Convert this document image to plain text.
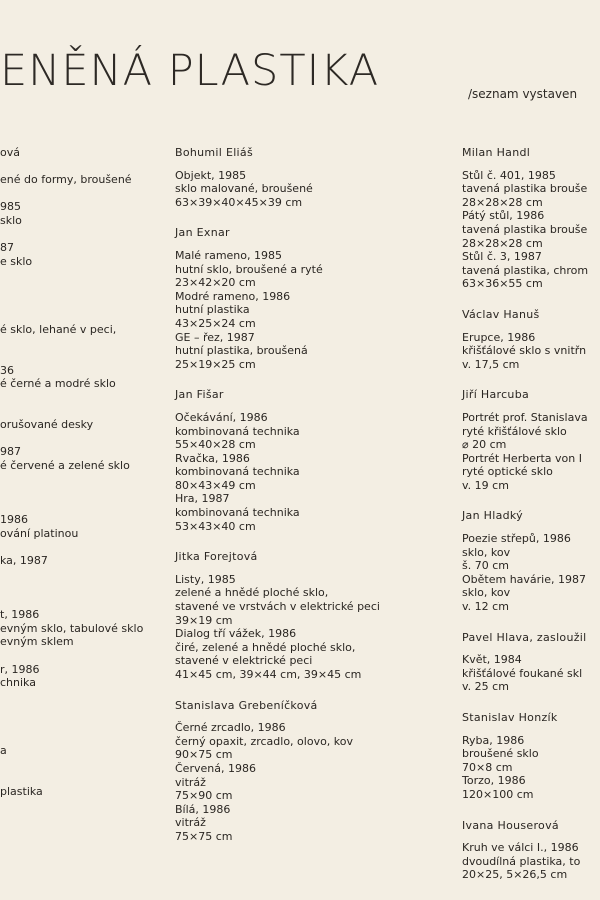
ENĚNÁ PLASTIKA	/seznam vystaven
ová
ené do formy, broušené
985
sklo
87
e sklo
é sklo, lehané v peci,
36
é černé a modré sklo
orušované desky
987
é červené a zelené sklo
1986
ování platinou
ka, 1987
t, 1986
evným sklo, tabulové sklo
evným sklem
r, 1986
chnika
a
plastika
Bohumil Eliáš
Objekt, 1985
sklo malované, broušené
63×39×40×45×39 cm
Jan Exnar
Malé rameno, 1985
hutní sklo, broušené a ryté
23×42×20 cm
Modré rameno, 1986
hutní plastika
43×25×24 cm
GE – řez, 1987
hutní plastika, broušená
25×19×25 cm
Jan Fišar
Očekávání, 1986
kombinovaná technika
55×40×28 cm
Rvačka, 1986
kombinovaná technika
80×43×49 cm
Hra, 1987
kombinovaná technika
53×43×40 cm
Jitka Forejtová
Listy, 1985
zelené a hnědé ploché sklo,
stavené ve vrstvách v elektrické peci
39×19 cm
Dialog tří vážek, 1986
čiré, zelené a hnědé ploché sklo,
stavené v elektrické peci
41×45 cm, 39×44 cm, 39×45 cm
Stanislava Grebeníčková
Černé zrcadlo, 1986
černý opaxit, zrcadlo, olovo, kov
90×75 cm
Červená, 1986
vitráž
75×90 cm
Bílá, 1986
vitráž
75×75 cm
Milan Handl
Stůl č. 401, 1985
tavená plastika brouše
28×28×28 cm
Pátý stůl, 1986
tavená plastika brouše
28×28×28 cm
Stůl č. 3, 1987
tavená plastika, chrom
63×36×55 cm
Václav Hanuš
Erupce, 1986
křišťálové sklo s vnitřn
v. 17,5 cm
Jiří Harcuba
Portrét prof. Stanislava
ryté křišťálové sklo
⌀ 20 cm
Portrét Herberta von I
ryté optické sklo
v. 19 cm
Jan Hladký
Poezie střepů, 1986
sklo, kov
š. 70 cm
Obětem havárie, 1987
sklo, kov
v. 12 cm
Pavel Hlava, zasloužil
Květ, 1984
křišťálové foukané skl
v. 25 cm
Stanislav Honzík
Ryba, 1986
broušené sklo
70×8 cm
Torzo, 1986
120×100 cm
Ivana Houserová
Kruh ve válci I., 1986
dvoudílná plastika, to
20×25, 5×26,5 cm
